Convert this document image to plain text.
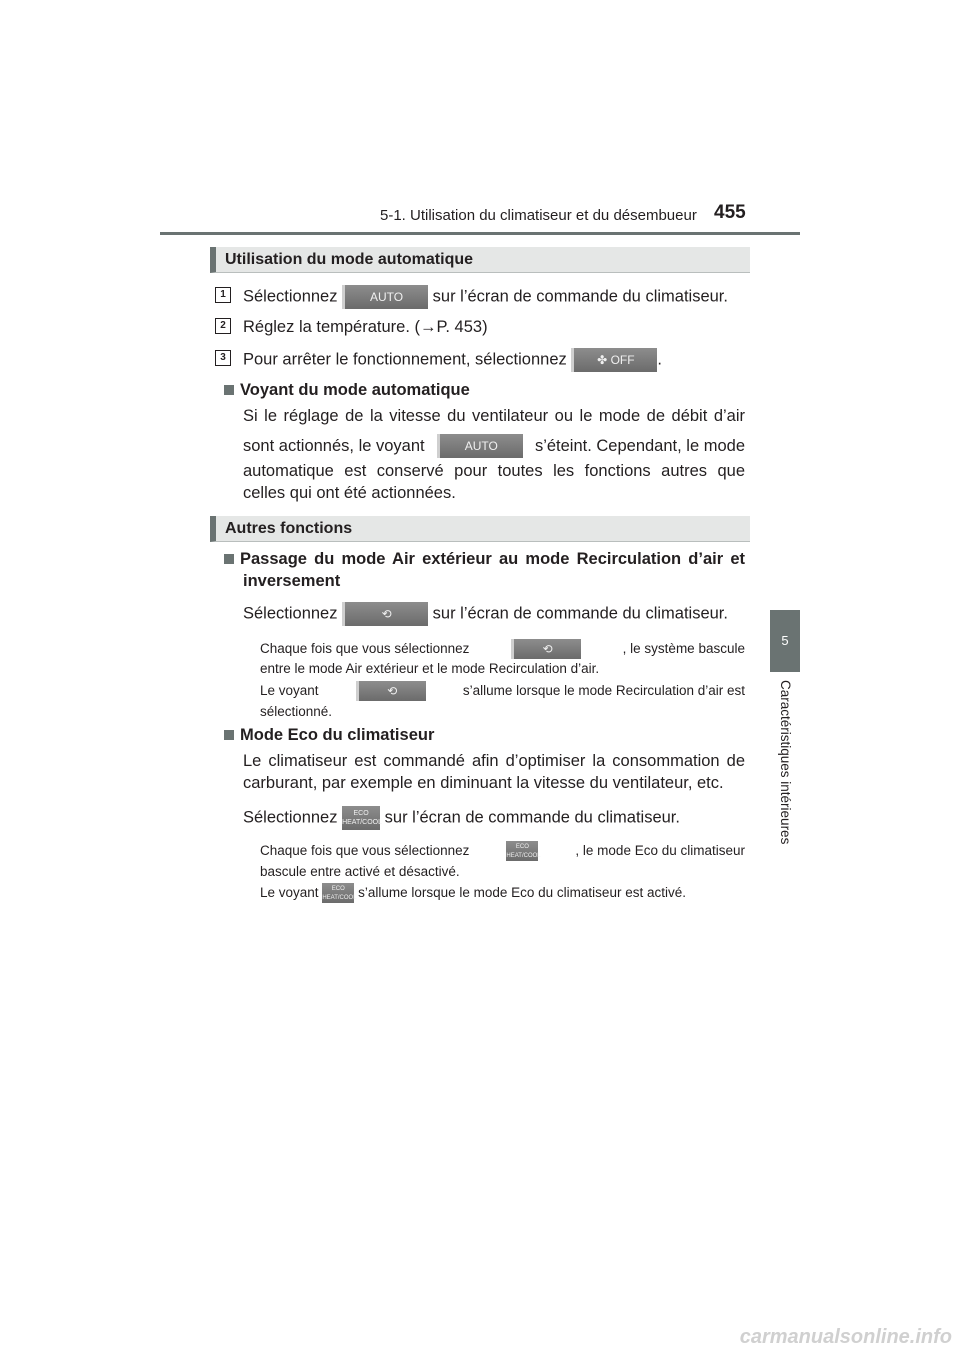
5-1. Utilisation du climatiseur et du désembueur 455
5
Caractéristiques intérieures
Utilisation du mode automatique
1	Sélectionnez	AUTO sur l’écran de commande du climatiseur.
2	Réglez la température. (→P. 453)
3	Pour arrêter le fonctionnement, sélectionnez	✤ OFF .
Voyant du mode automatique
Si le réglage de la vitesse du ventilateur ou le mode de débit d’air
sont actionnés, le voyant	AUTO	s’éteint. Cependant, le mode
automatique est conservé pour toutes les fonctions autres que
celles qui ont été actionnées.
Autres fonctions
Passage du mode Air extérieur au mode Recirculation d’air et
inversement
Sélectionnez	⟲ sur l’écran de commande du climatiseur.
Chaque fois que vous sélectionnez	⟲	, le système bascule
entre le mode Air extérieur et le mode Recirculation d’air.
Le voyant	⟲	s’allume lorsque le mode Recirculation d’air est
sélectionné.
Mode Eco du climatiseur
Le climatiseur est commandé afin d’optimiser la consommation de
carburant, par exemple en diminuant la vitesse du ventilateur, etc.
Sélectionnez ECO
HEAT/COOL sur l’écran de commande du climatiseur.
Chaque fois que vous sélectionnez	ECO
HEAT/COOL	, le mode Eco du climatiseur
bascule entre activé et désactivé.
Le voyant ECO
HEAT/COOL s’allume lorsque le mode Eco du climatiseur est activé.
carmanualsonline.info
